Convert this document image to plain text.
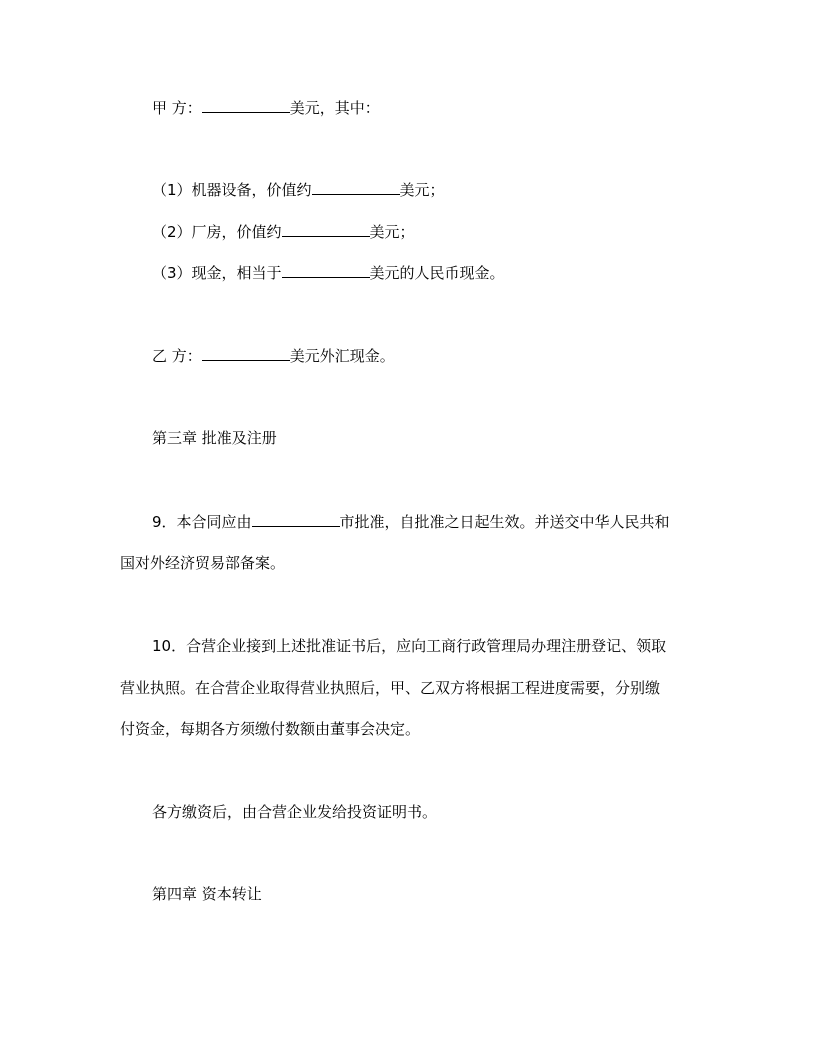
甲 方：	美元，其中：
（1）机器设备，价值约	美元；
（2）厂房，价值约	美元；
（3）现金，相当于	美元的人民币现金。
乙 方：	美元外汇现金。
第三章 批准及注册
9．本合同应由	市批准，自批准之日起生效。并送交中华人民共和
国对外经济贸易部备案。
10．合营企业接到上述批准证书后，应向工商行政管理局办理注册登记、领取
营业执照。在合营企业取得营业执照后，甲、乙双方将根据工程进度需要，分别缴
付资金，每期各方须缴付数额由董事会决定。
各方缴资后，由合营企业发给投资证明书。
第四章 资本转让
